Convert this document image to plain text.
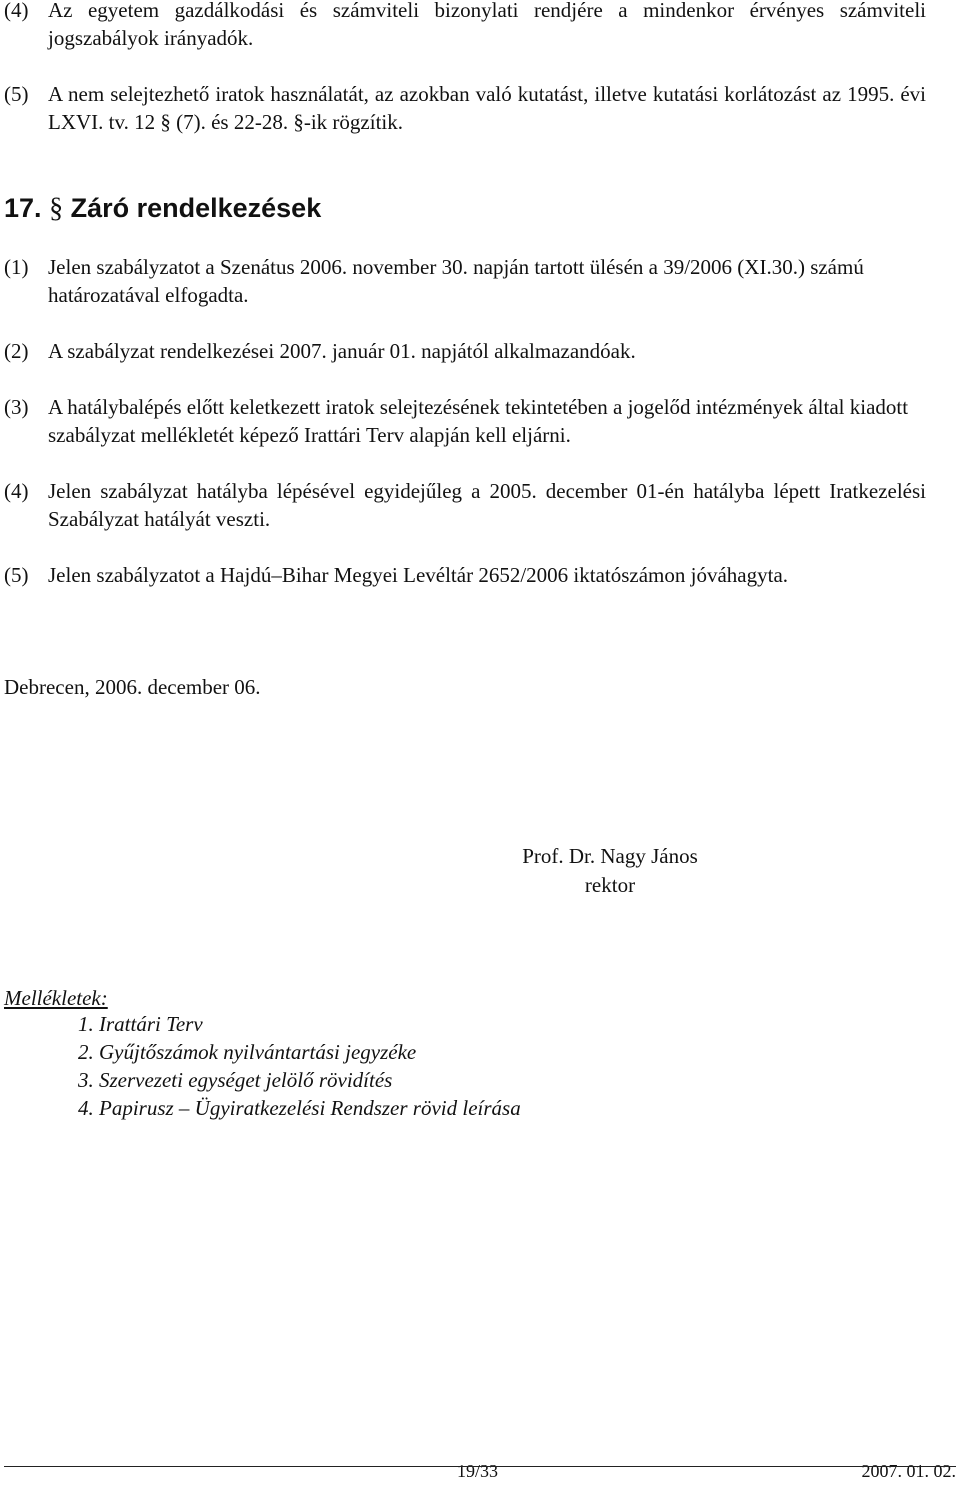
(4) Az egyetem gazdálkodási és számviteli bizonylati rendjére a mindenkor érvényes számviteli jogszabályok irányadók.
(5) A nem selejtezhető iratok használatát, az azokban való kutatást, illetve kutatási korlátozást az 1995. évi LXVI. tv. 12 § (7). és 22-28. §-ik rögzítik.
17. § Záró rendelkezések
(1) Jelen szabályzatot a Szenátus 2006. november 30. napján tartott ülésén a 39/2006 (XI.30.) számú határozatával elfogadta.
(2) A szabályzat rendelkezései 2007. január 01. napjától alkalmazandóak.
(3) A hatálybalépés előtt keletkezett iratok selejtezésének tekintetében a jogelőd intézmények által kiadott szabályzat mellékletét képező Irattári Terv alapján kell eljárni.
(4) Jelen szabályzat hatályba lépésével egyidejűleg a 2005. december 01-én hatályba lépett Iratkezelési Szabályzat hatályát veszti.
(5) Jelen szabályzatot a Hajdú–Bihar Megyei Levéltár 2652/2006 iktatószámon jóváhagyta.
Debrecen, 2006. december 06.
Prof. Dr. Nagy János
rektor
Mellékletek:
1. Irattári Terv
2. Gyűjtőszámok nyilvántartási jegyzéke
3. Szervezeti egységet jelölő rövidítés
4. Papirusz – Ügyiratkezelési Rendszer rövid leírása
19/33	2007. 01. 02.
